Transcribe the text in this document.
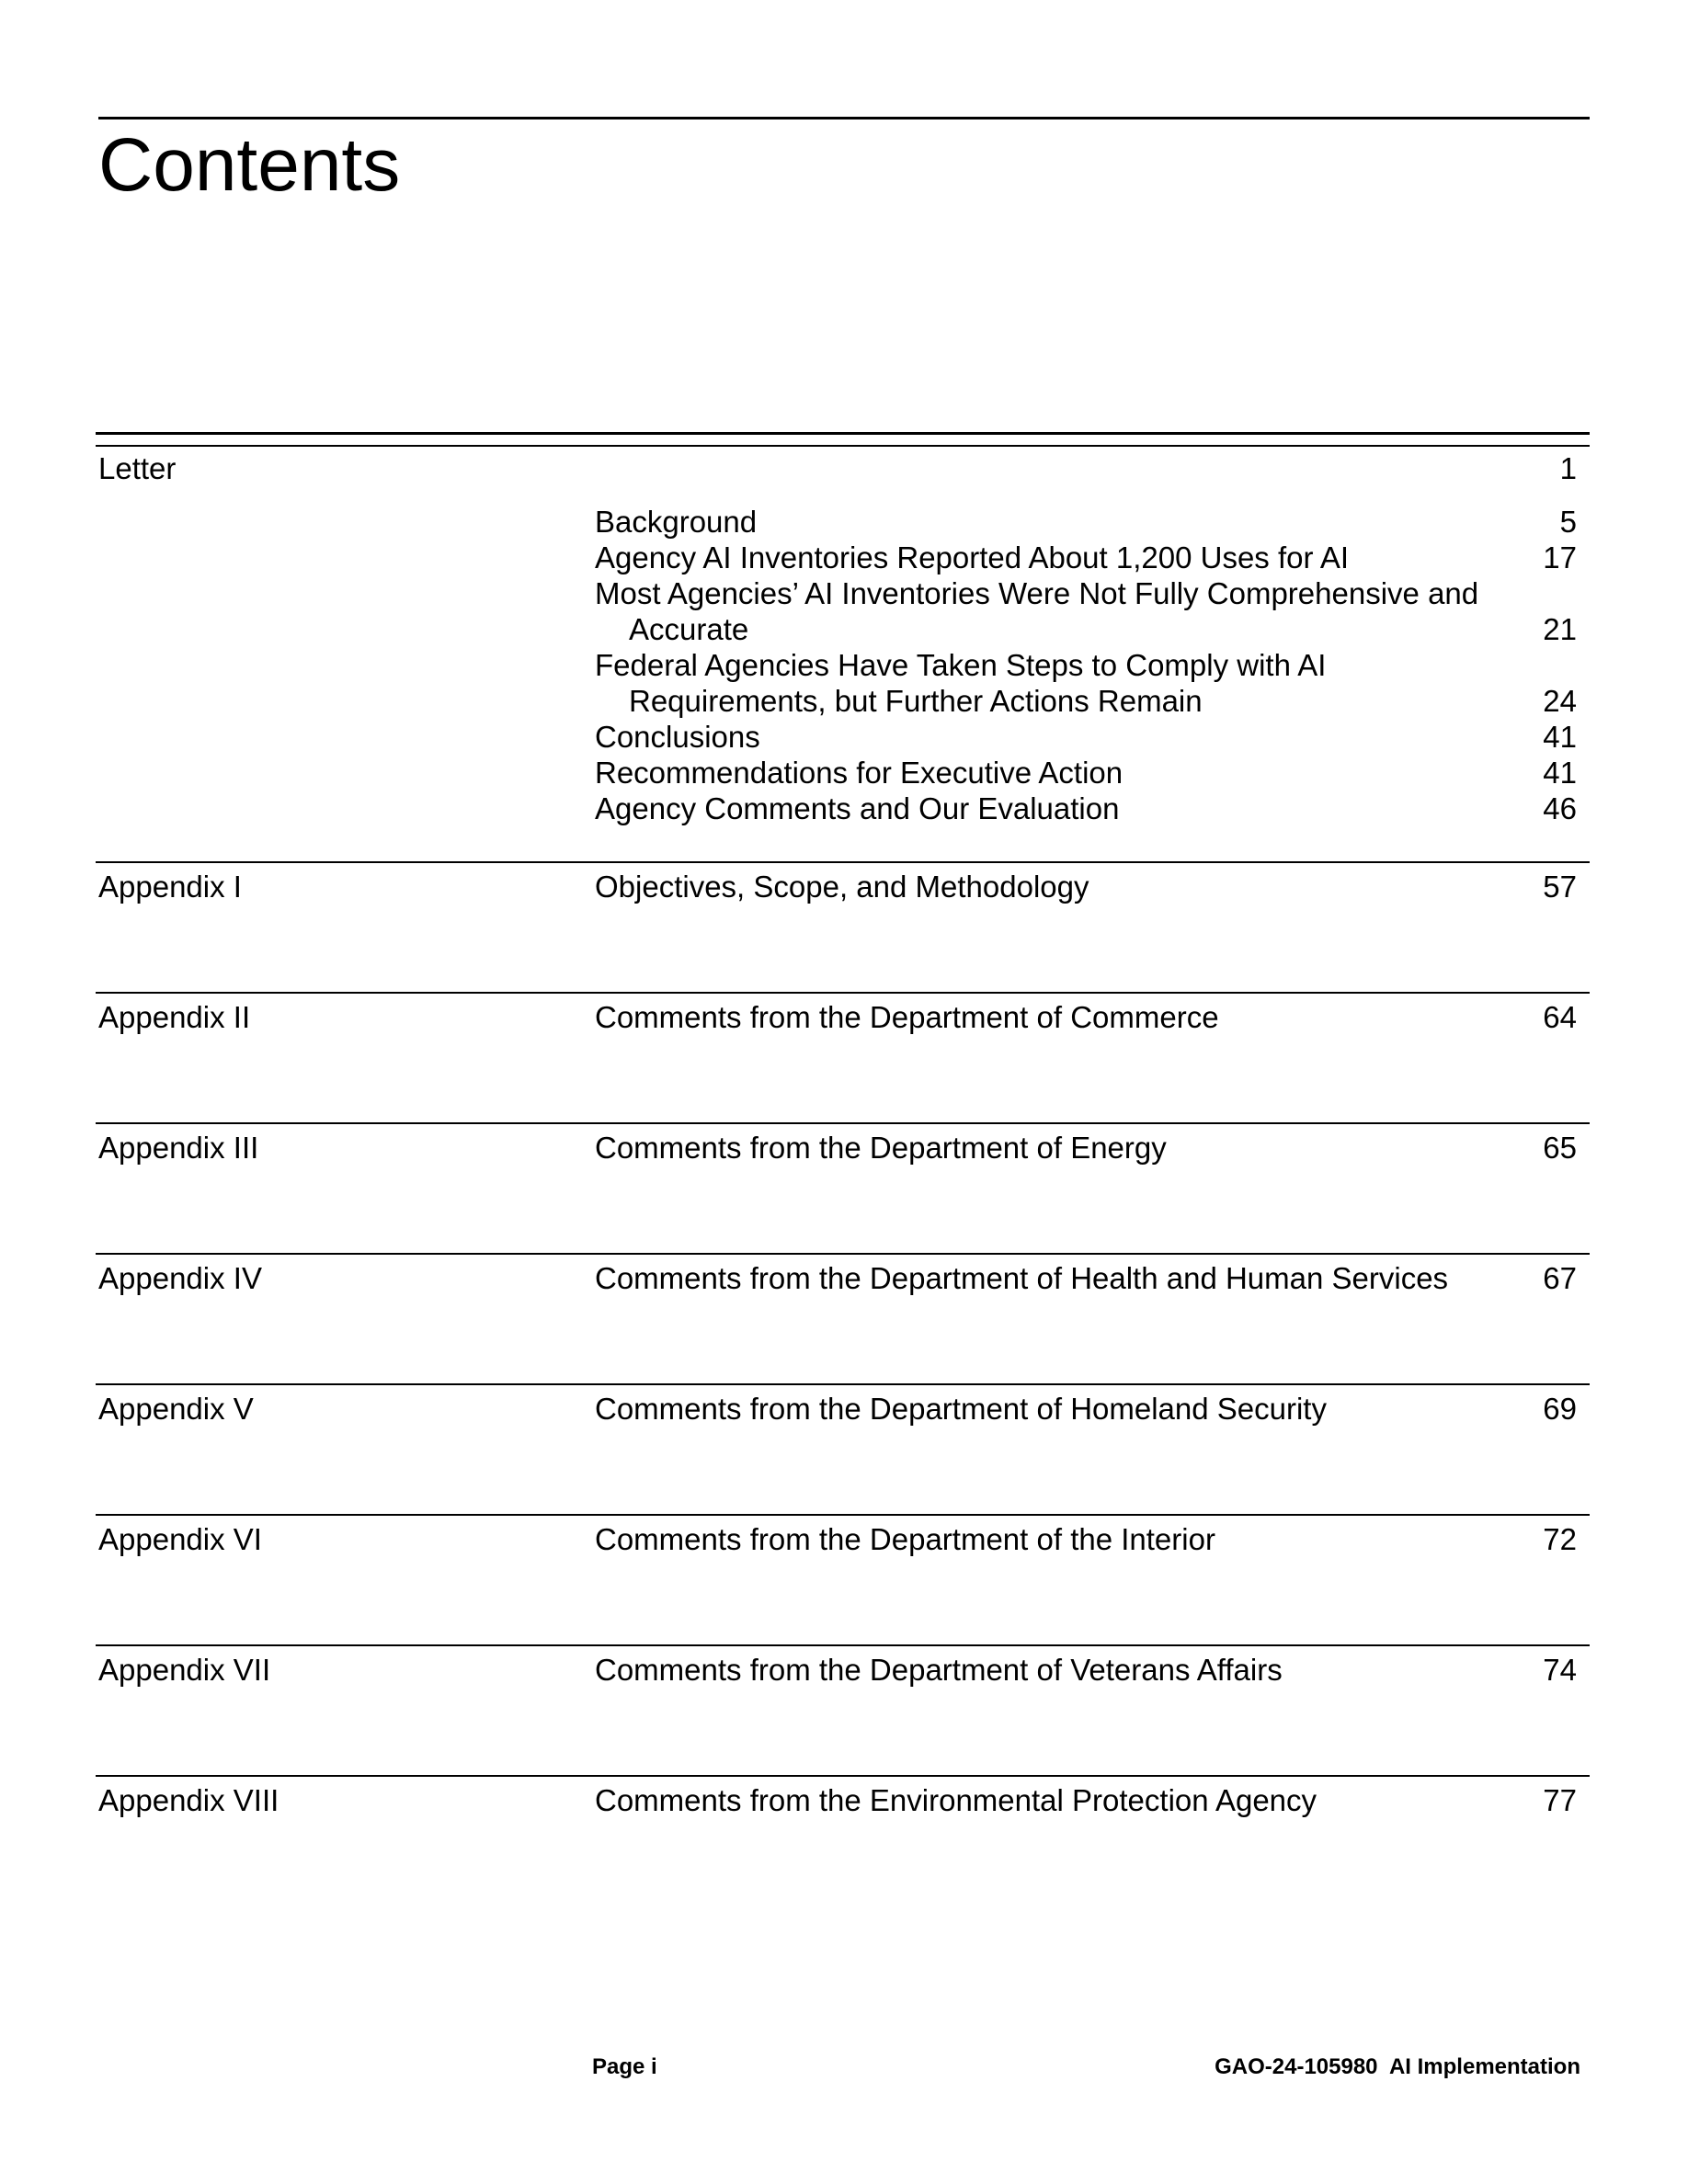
Contents
Letter	1
Background	5
Agency AI Inventories Reported About 1,200 Uses for AI	17
Most Agencies’ AI Inventories Were Not Fully Comprehensive and
Accurate	21
Federal Agencies Have Taken Steps to Comply with AI
Requirements, but Further Actions Remain	24
Conclusions	41
Recommendations for Executive Action	41
Agency Comments and Our Evaluation	46
Appendix I	Objectives, Scope, and Methodology	57
Appendix II	Comments from the Department of Commerce	64
Appendix III	Comments from the Department of Energy	65
Appendix IV	Comments from the Department of Health and Human Services	67
Appendix V	Comments from the Department of Homeland Security	69
Appendix VI	Comments from the Department of the Interior	72
Appendix VII	Comments from the Department of Veterans Affairs	74
Appendix VIII	Comments from the Environmental Protection Agency	77
Page i	GAO-24-105980  AI Implementation
